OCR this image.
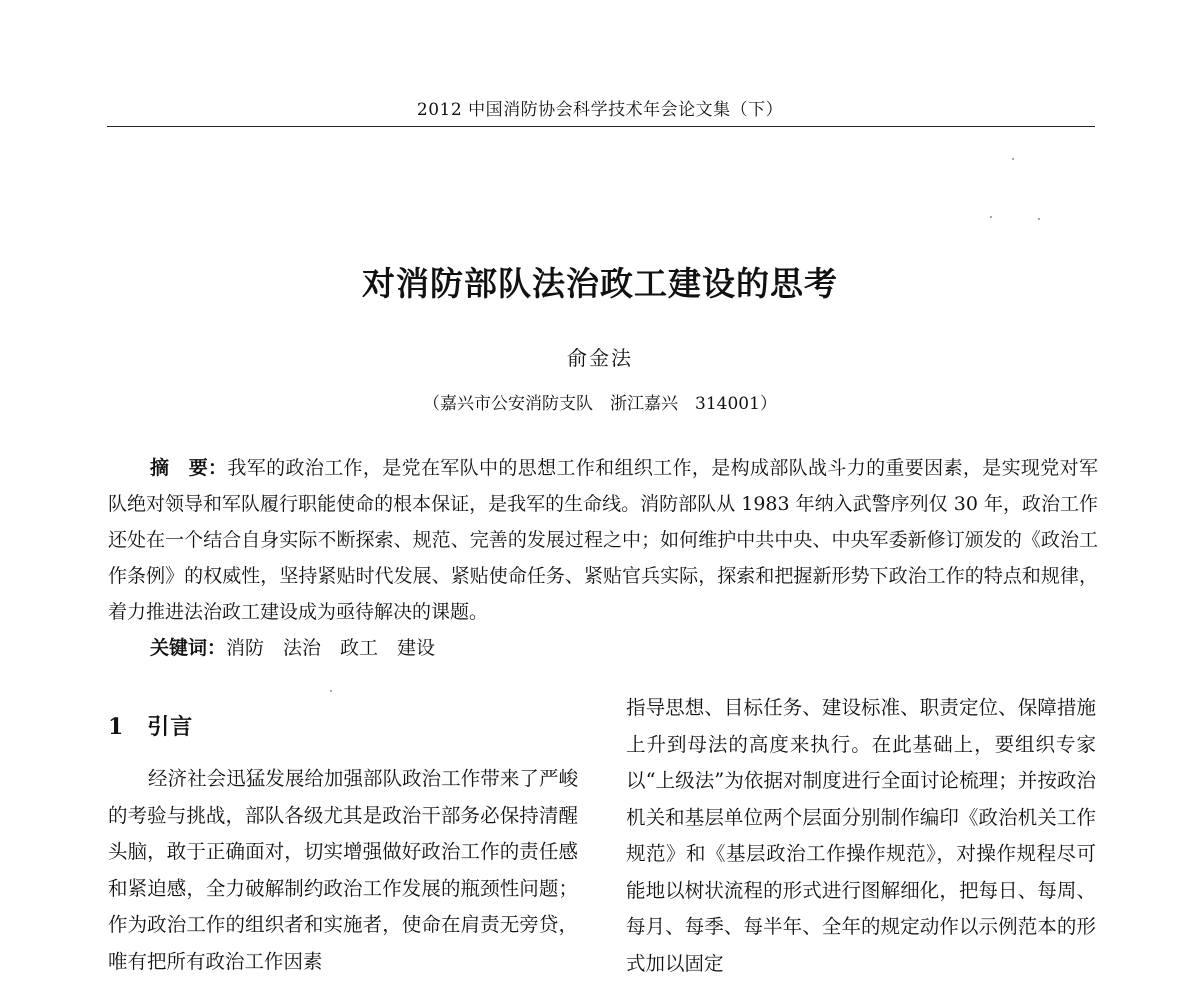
2012 中国消防协会科学技术年会论文集（下）
对消防部队法治政工建设的思考
俞金法
（嘉兴市公安消防支队　浙江嘉兴　314001）

摘　要：我军的政治工作，是党在军队中的思想工作和组织工作，是构成部队战斗力的重要因素，是实现党对军队绝对领导和军队履行职能使命的根本保证，是我军的生命线。消防部队从 1983 年纳入武警序列仅 30 年，政治工作还处在一个结合自身实际不断探索、规范、完善的发展过程之中；如何维护中共中央、中央军委新修订颁发的《政治工作条例》的权威性，坚持紧贴时代发展、紧贴使命任务、紧贴官兵实际，探索和把握新形势下政治工作的特点和规律，着力推进法治政工建设成为亟待解决的课题。

关键词：消防　法治　政工　建设
1　引言

经济社会迅猛发展给加强部队政治工作带来了严峻的考验与挑战，部队各级尤其是政治干部务必保持清醒头脑，敢于正确面对，切实增强做好政治工作的责任感和紧迫感，全力破解制约政治工作发展的瓶颈性问题；作为政治工作的组织者和实施者，使命在肩责无旁贷，唯有把所有政治工作因素

指导思想、目标任务、建设标准、职责定位、保障措施上升到母法的高度来执行。在此基础上，要组织专家以“上级法”为依据对制度进行全面讨论梳理；并按政治机关和基层单位两个层面分别制作编印《政治机关工作规范》和《基层政治工作操作规范》，对操作规程尽可能地以树状流程的形式进行图解细化，把每日、每周、每月、每季、每半年、全年的规定动作以示例范本的形式加以固定
